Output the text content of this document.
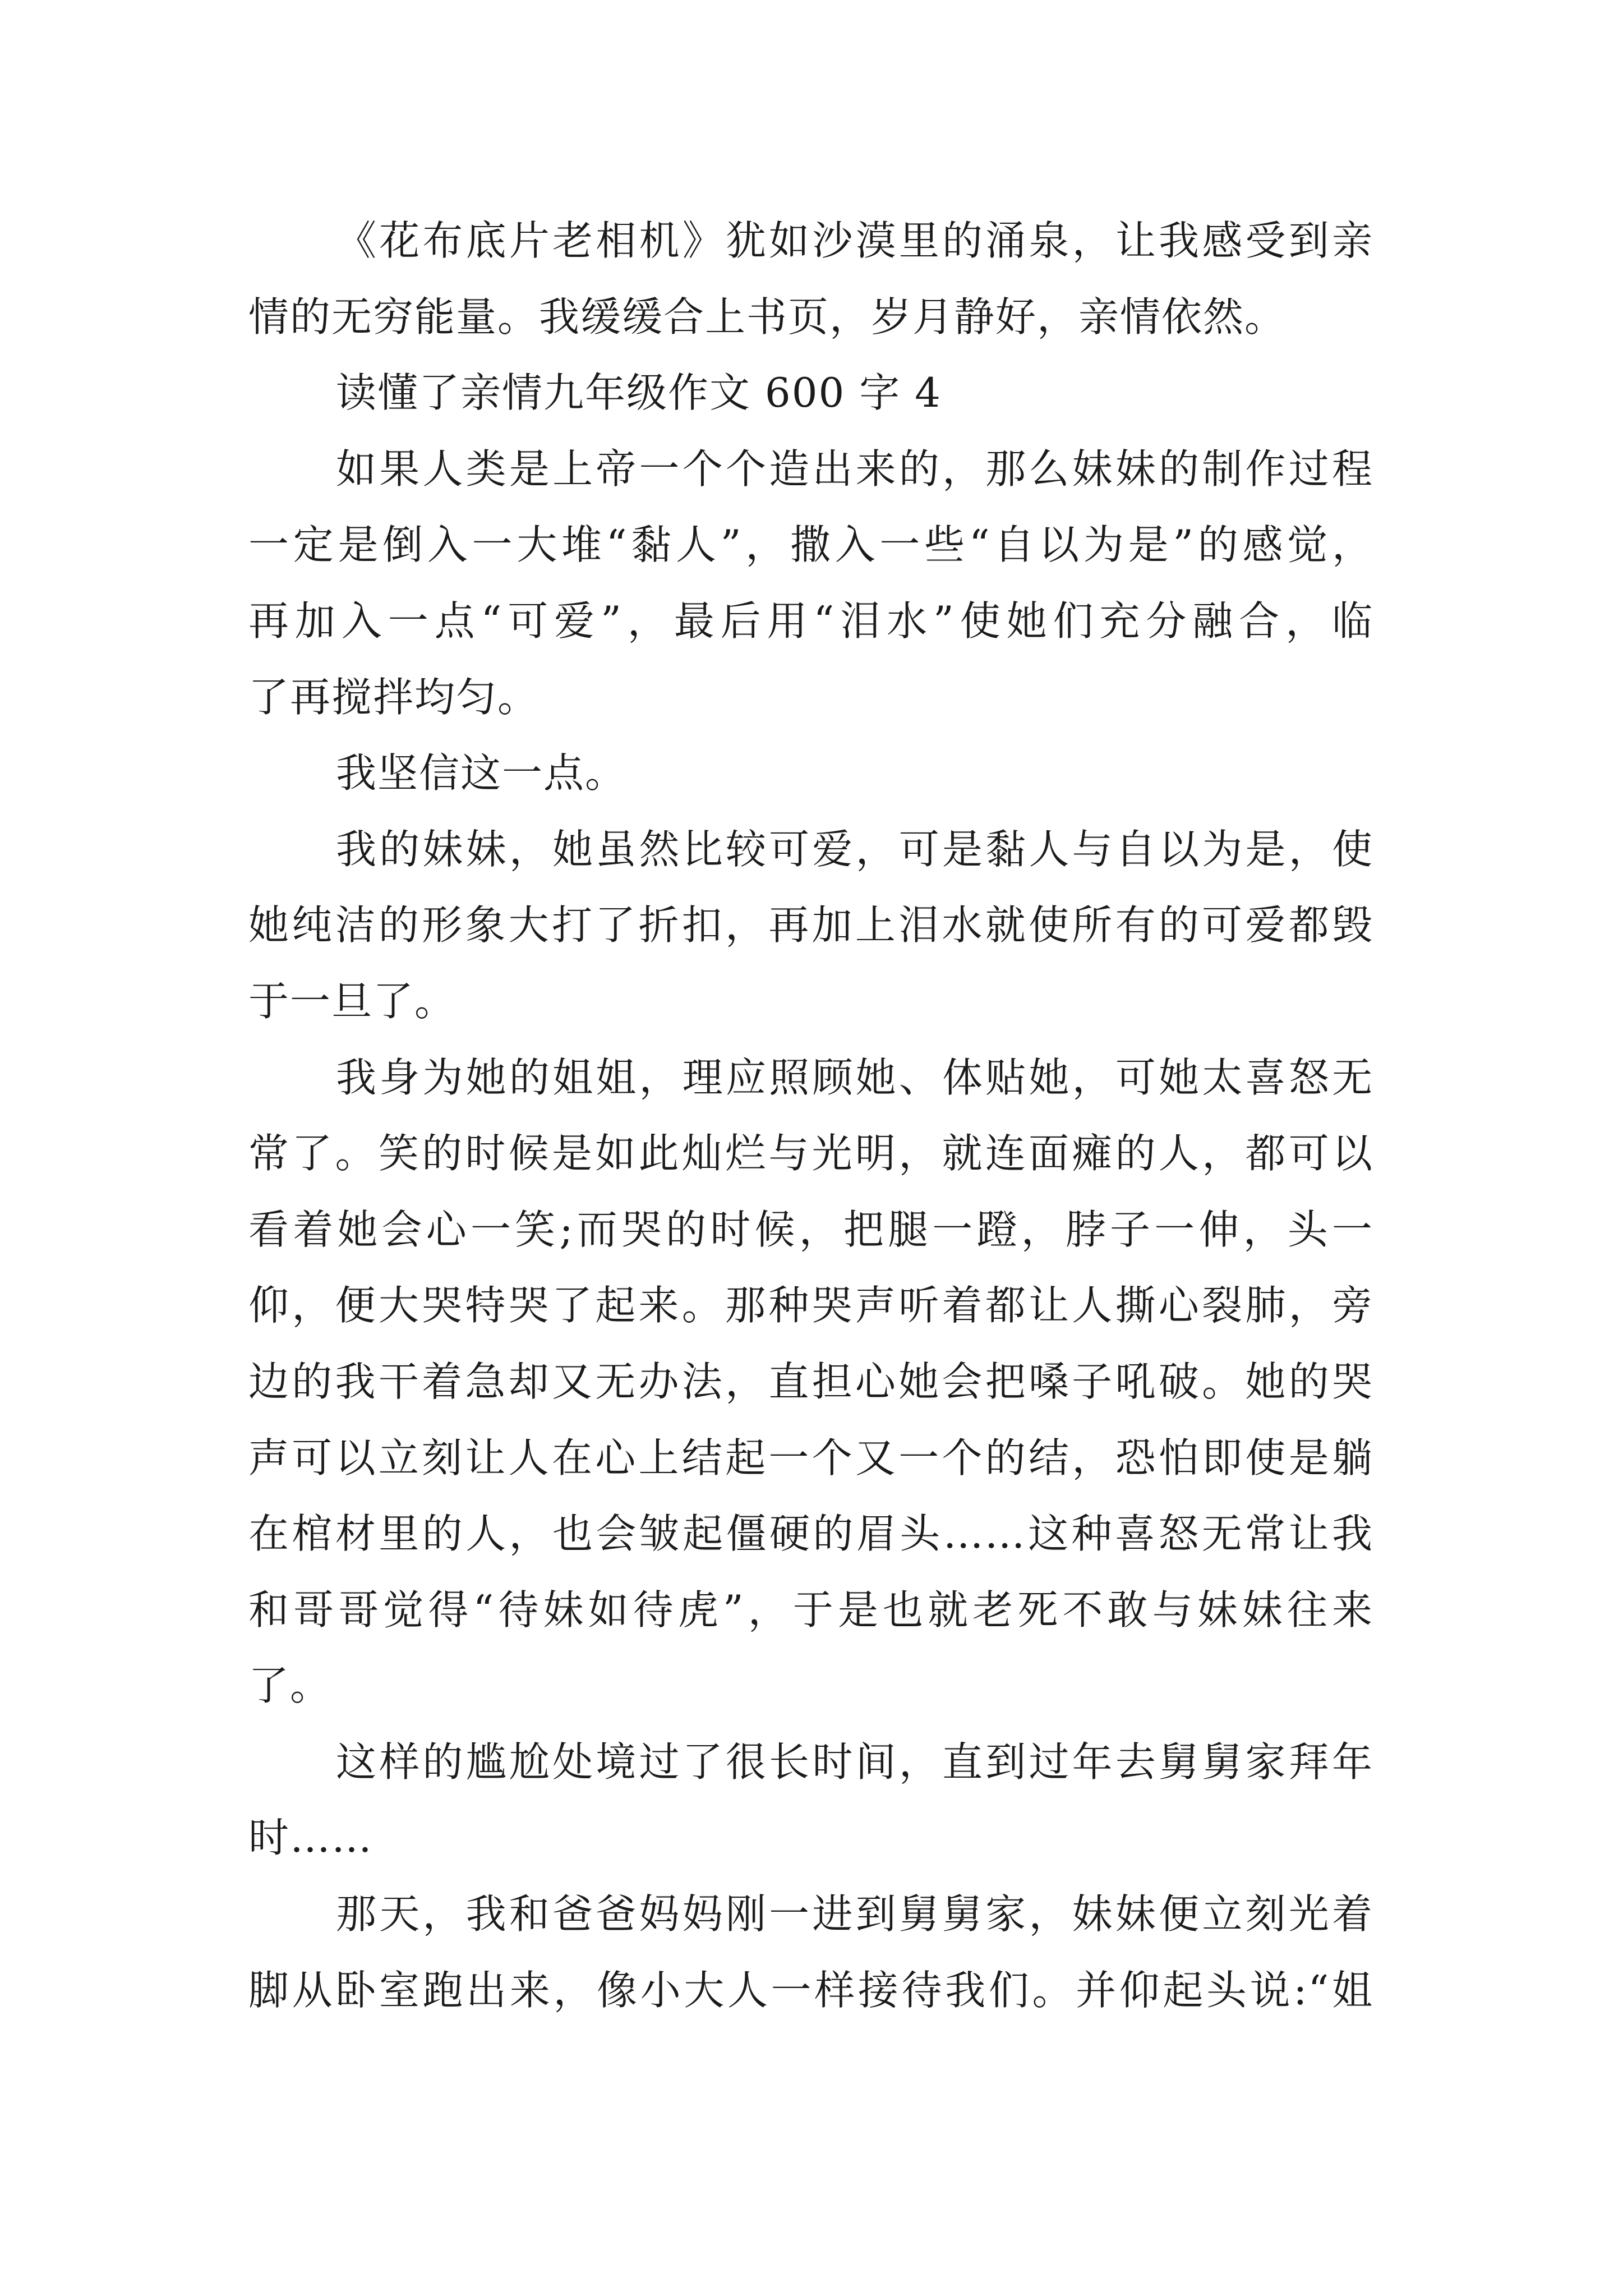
《花布底片老相机》犹如沙漠里的涌泉，让我感受到亲
情的无穷能量。我缓缓合上书页，岁月静好，亲情依然。
读懂了亲情九年级作文 600 字 4
如果人类是上帝一个个造出来的，那么妹妹的制作过程
一定是倒入一大堆“黏人”，撒入一些“自以为是”的感觉，
再加入一点“可爱”，最后用“泪水”使她们充分融合，临
了再搅拌均匀。
我坚信这一点。
我的妹妹，她虽然比较可爱，可是黏人与自以为是，使
她纯洁的形象大打了折扣，再加上泪水就使所有的可爱都毁
于一旦了。
我身为她的姐姐，理应照顾她、体贴她，可她太喜怒无
常了。笑的时候是如此灿烂与光明，就连面瘫的人，都可以
看着她会心一笑;而哭的时候，把腿一蹬，脖子一伸，头一
仰，便大哭特哭了起来。那种哭声听着都让人撕心裂肺，旁
边的我干着急却又无办法，直担心她会把嗓子吼破。她的哭
声可以立刻让人在心上结起一个又一个的结，恐怕即使是躺
在棺材里的人，也会皱起僵硬的眉头……这种喜怒无常让我
和哥哥觉得“待妹如待虎”，于是也就老死不敢与妹妹往来
了。
这样的尴尬处境过了很长时间，直到过年去舅舅家拜年
时……
那天，我和爸爸妈妈刚一进到舅舅家，妹妹便立刻光着
脚从卧室跑出来，像小大人一样接待我们。并仰起头说:“姐
